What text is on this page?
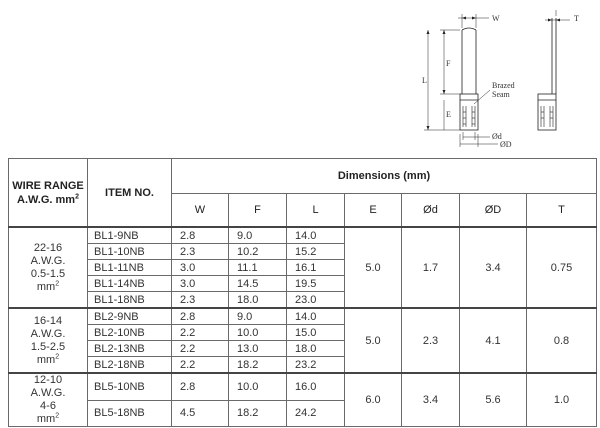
W	T
F
L
E
Brazed
Seam
Ød
ØD
WIRE RANGE
A.W.G. $mm^2$	ITEM NO.	Dimensions (mm)						
		W	F	L	E	Ød	ØD	T
22-16
A.W.G.
0.5-1.5
$mm^2$	BL1-9NB	2.8	9.0	14.0	5.0	1.7	3.4	0.75
	BL1-10NB	2.3	10.2	15.2				
	BL1-11NB	3.0	11.1	16.1				
	BL1-14NB	3.0	14.5	19.5				
	BL1-18NB	2.3	18.0	23.0				
16-14
A.W.G.
1.5-2.5
$mm^2$	BL2-9NB	2.8	9.0	14.0	5.0	2.3	4.1	0.8
	BL2-10NB	2.2	10.0	15.0				
	BL2-13NB	2.2	13.0	18.0				
	BL2-18NB	2.2	18.2	23.2				
12-10
A.W.G.
4-6
$mm^2$	BL5-10NB	2.8	10.0	16.0	6.0	3.4	5.6	1.0
	BL5-18NB	4.5	18.2	24.2				
